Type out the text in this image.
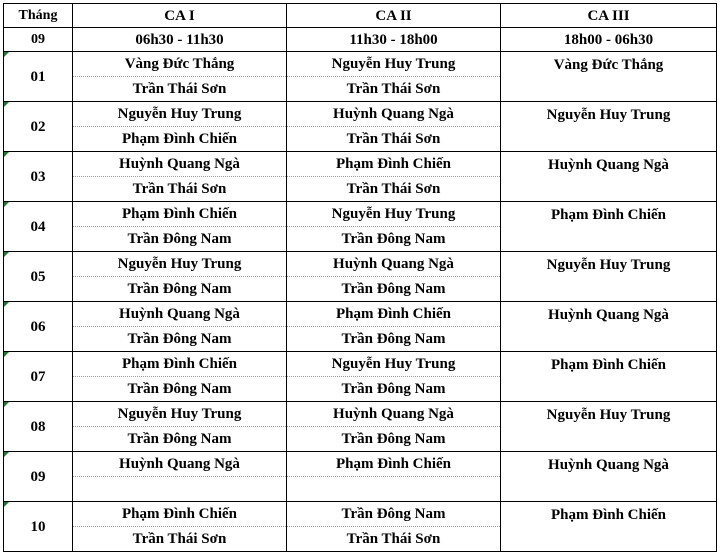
Tháng	CA I	CA II	CA III
09	06h30 - 11h30	11h30 - 18h00	18h00 - 06h30

01	Vàng Đức Thắng	Nguyễn Huy Trung	Vàng Đức Thắng
	Trần Thái Sơn	Trần Thái Sơn	

02	Nguyễn Huy Trung	Huỳnh Quang Ngà	Nguyễn Huy Trung
	Phạm Đình Chiến	Trần Thái Sơn	

03	Huỳnh Quang Ngà	Phạm Đình Chiến	Huỳnh Quang Ngà
	Trần Thái Sơn	Trần Thái Sơn	

04	Phạm Đình Chiến	Nguyễn Huy Trung	Phạm Đình Chiến
	Trần Đông Nam	Trần Đông Nam	

05	Nguyễn Huy Trung	Huỳnh Quang Ngà	Nguyễn Huy Trung
	Trần Đông Nam	Trần Đông Nam	

06	Huỳnh Quang Ngà	Phạm Đình Chiến	Huỳnh Quang Ngà
	Trần Đông Nam	Trần Đông Nam	

07	Phạm Đình Chiến	Nguyễn Huy Trung	Phạm Đình Chiến
	Trần Đông Nam	Trần Đông Nam	

08	Nguyễn Huy Trung	Huỳnh Quang Ngà	Nguyễn Huy Trung
	Trần Đông Nam	Trần Đông Nam	

09	Huỳnh Quang Ngà	Phạm Đình Chiến	Huỳnh Quang Ngà

10	Phạm Đình Chiến	Trần Đông Nam	Phạm Đình Chiến
	Trần Thái Sơn	Trần Thái Sơn	
